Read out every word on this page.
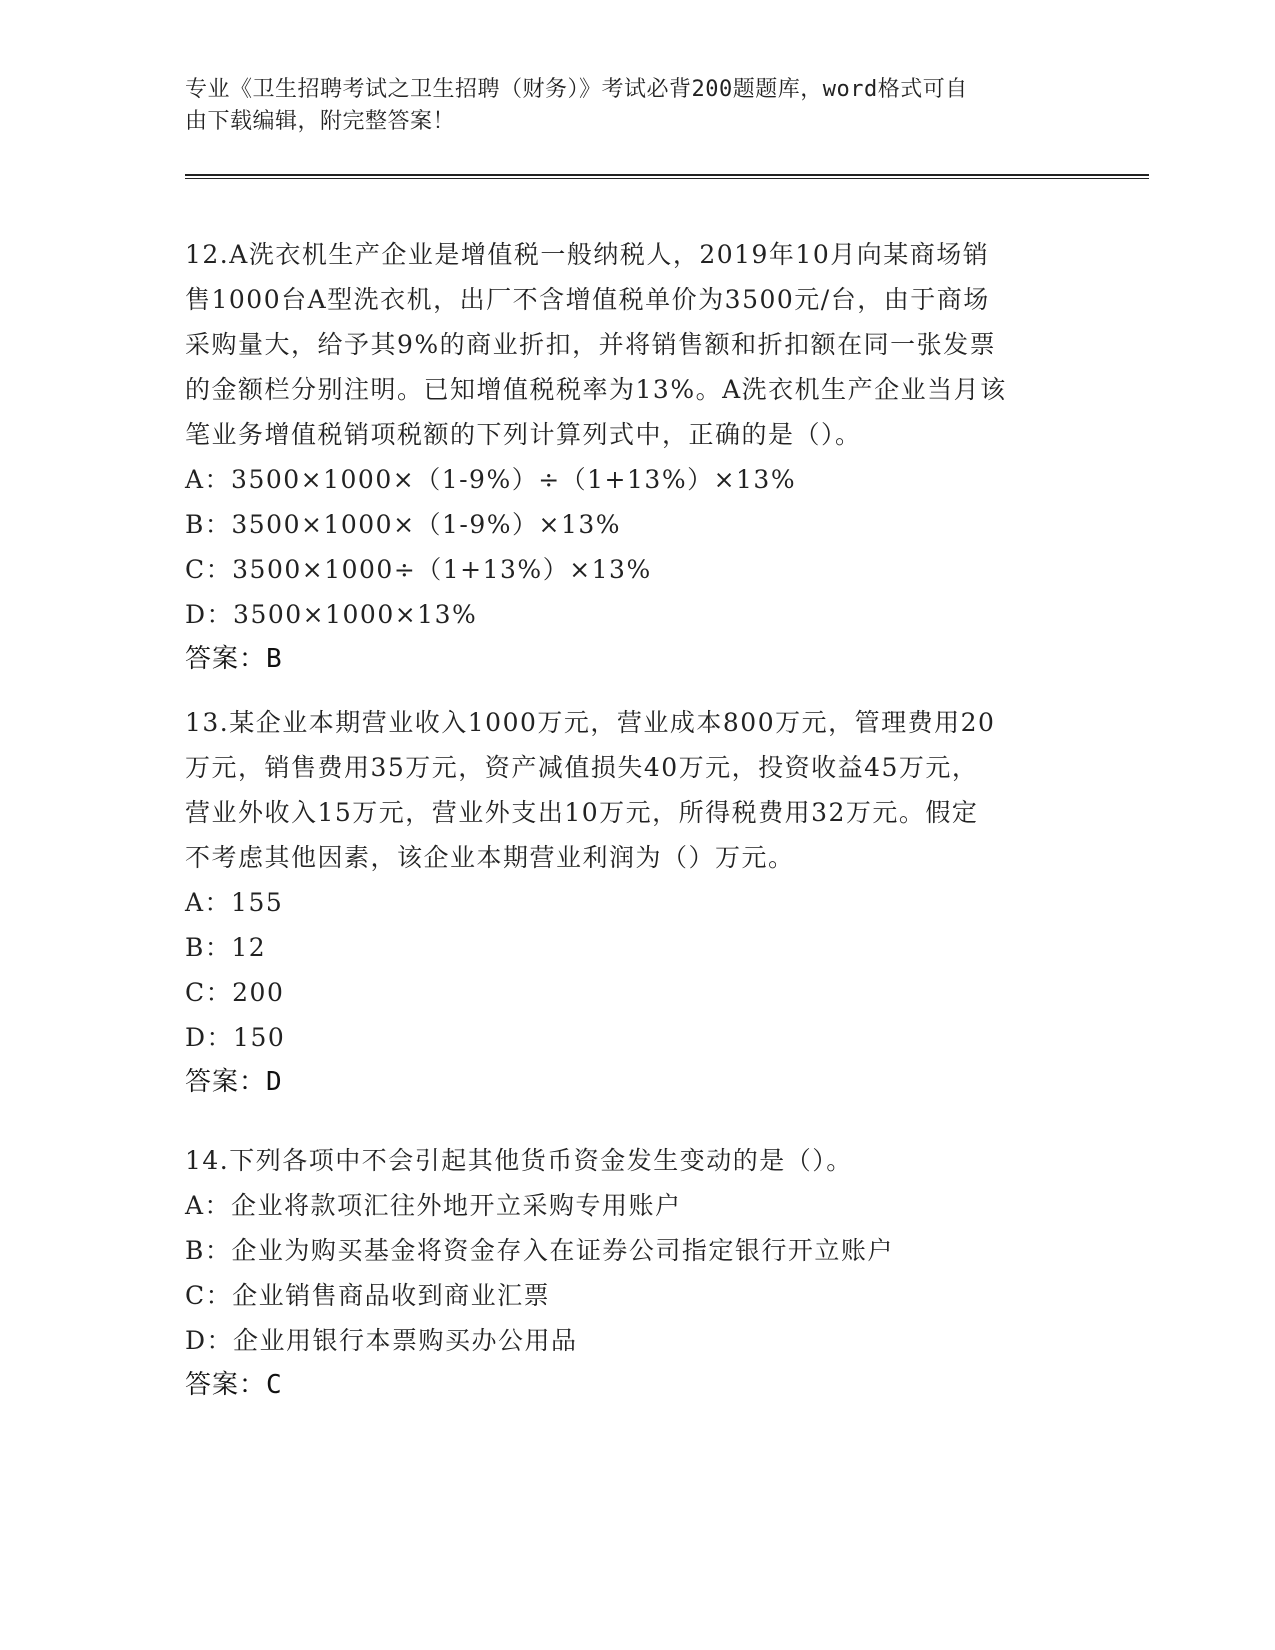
专业《卫生招聘考试之卫生招聘（财务）》考试必背200题题库，word格式可自
由下载编辑，附完整答案！

12.A洗衣机生产企业是增值税一般纳税人，2019年10月向某商场销

售1000台A型洗衣机，出厂不含增值税单价为3500元/台，由于商场

采购量大，给予其9%的商业折扣，并将销售额和折扣额在同一张发票

的金额栏分别注明。已知增值税税率为13%。A洗衣机生产企业当月该

笔业务增值税销项税额的下列计算列式中，正确的是（）。

A：3500×1000×（1-9%）÷（1+13%）×13%

B：3500×1000×（1-9%）×13%

C：3500×1000÷（1+13%）×13%

D：3500×1000×13%

答案：B

13.某企业本期营业收入1000万元，营业成本800万元，管理费用20

万元，销售费用35万元，资产减值损失40万元，投资收益45万元，

营业外收入15万元，营业外支出10万元，所得税费用32万元。假定

不考虑其他因素，该企业本期营业利润为（）万元。

A：155

B：12

C：200

D：150

答案：D

14.下列各项中不会引起其他货币资金发生变动的是（）。

A：企业将款项汇往外地开立采购专用账户

B：企业为购买基金将资金存入在证券公司指定银行开立账户

C：企业销售商品收到商业汇票

D：企业用银行本票购买办公用品

答案：C
